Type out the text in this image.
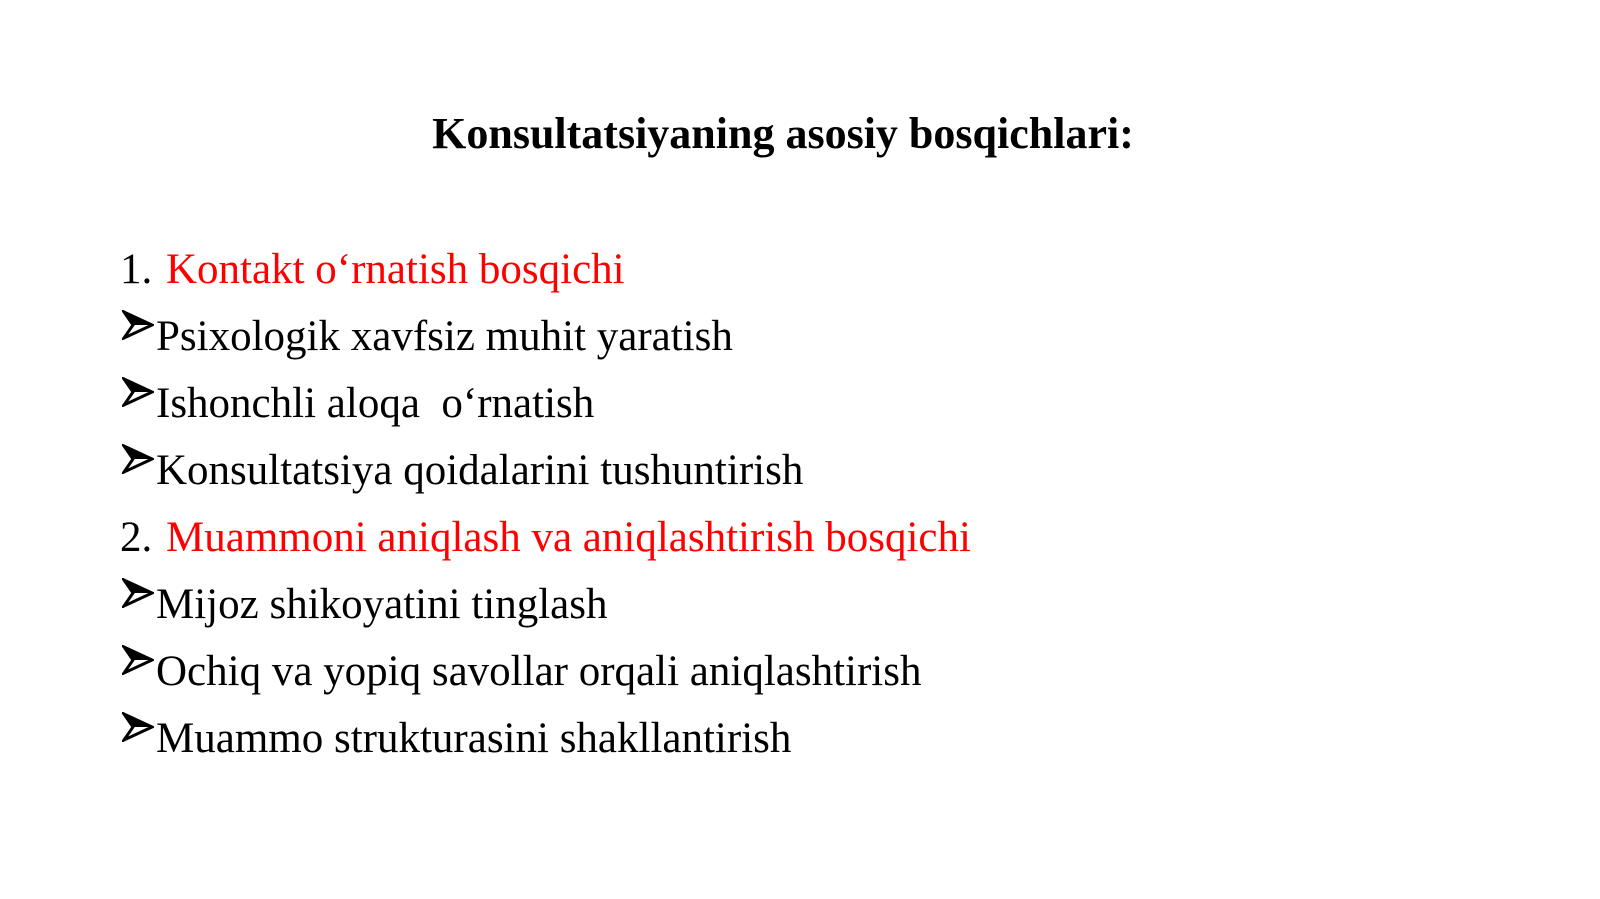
Konsultatsiyaning asosiy bosqichlari:
1. Kontakt o‘rnatish bosqichi
Psixologik xavfsiz muhit yaratish
Ishonchli aloqa  o‘rnatish
Konsultatsiya qoidalarini tushuntirish
2. Muammoni aniqlash va aniqlashtirish bosqichi
Mijoz shikoyatini tinglash
Ochiq va yopiq savollar orqali aniqlashtirish
Muammo strukturasini shakllantirish
